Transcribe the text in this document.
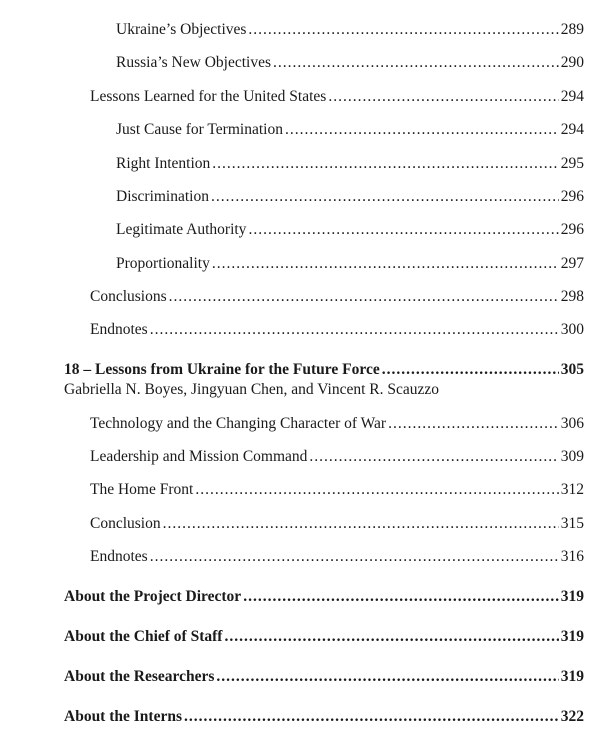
Ukraine’s Objectives .....	289
Russia’s New Objectives .....	290
Lessons Learned for the United States .....	294
Just Cause for Termination .....	294
Right Intention .....	295
Discrimination .....	296
Legitimate Authority .....	296
Proportionality .....	297
Conclusions .....	298
Endnotes .....	300
18 – Lessons from Ukraine for the Future Force .....	305
Gabriella N. Boyes, Jingyuan Chen, and Vincent R. Scauzzo
Technology and the Changing Character of War .....	306
Leadership and Mission Command .....	309
The Home Front .....	312
Conclusion .....	315
Endnotes .....	316
About the Project Director .....	319
About the Chief of Staff .....	319
About the Researchers .....	319
About the Interns .....	322
